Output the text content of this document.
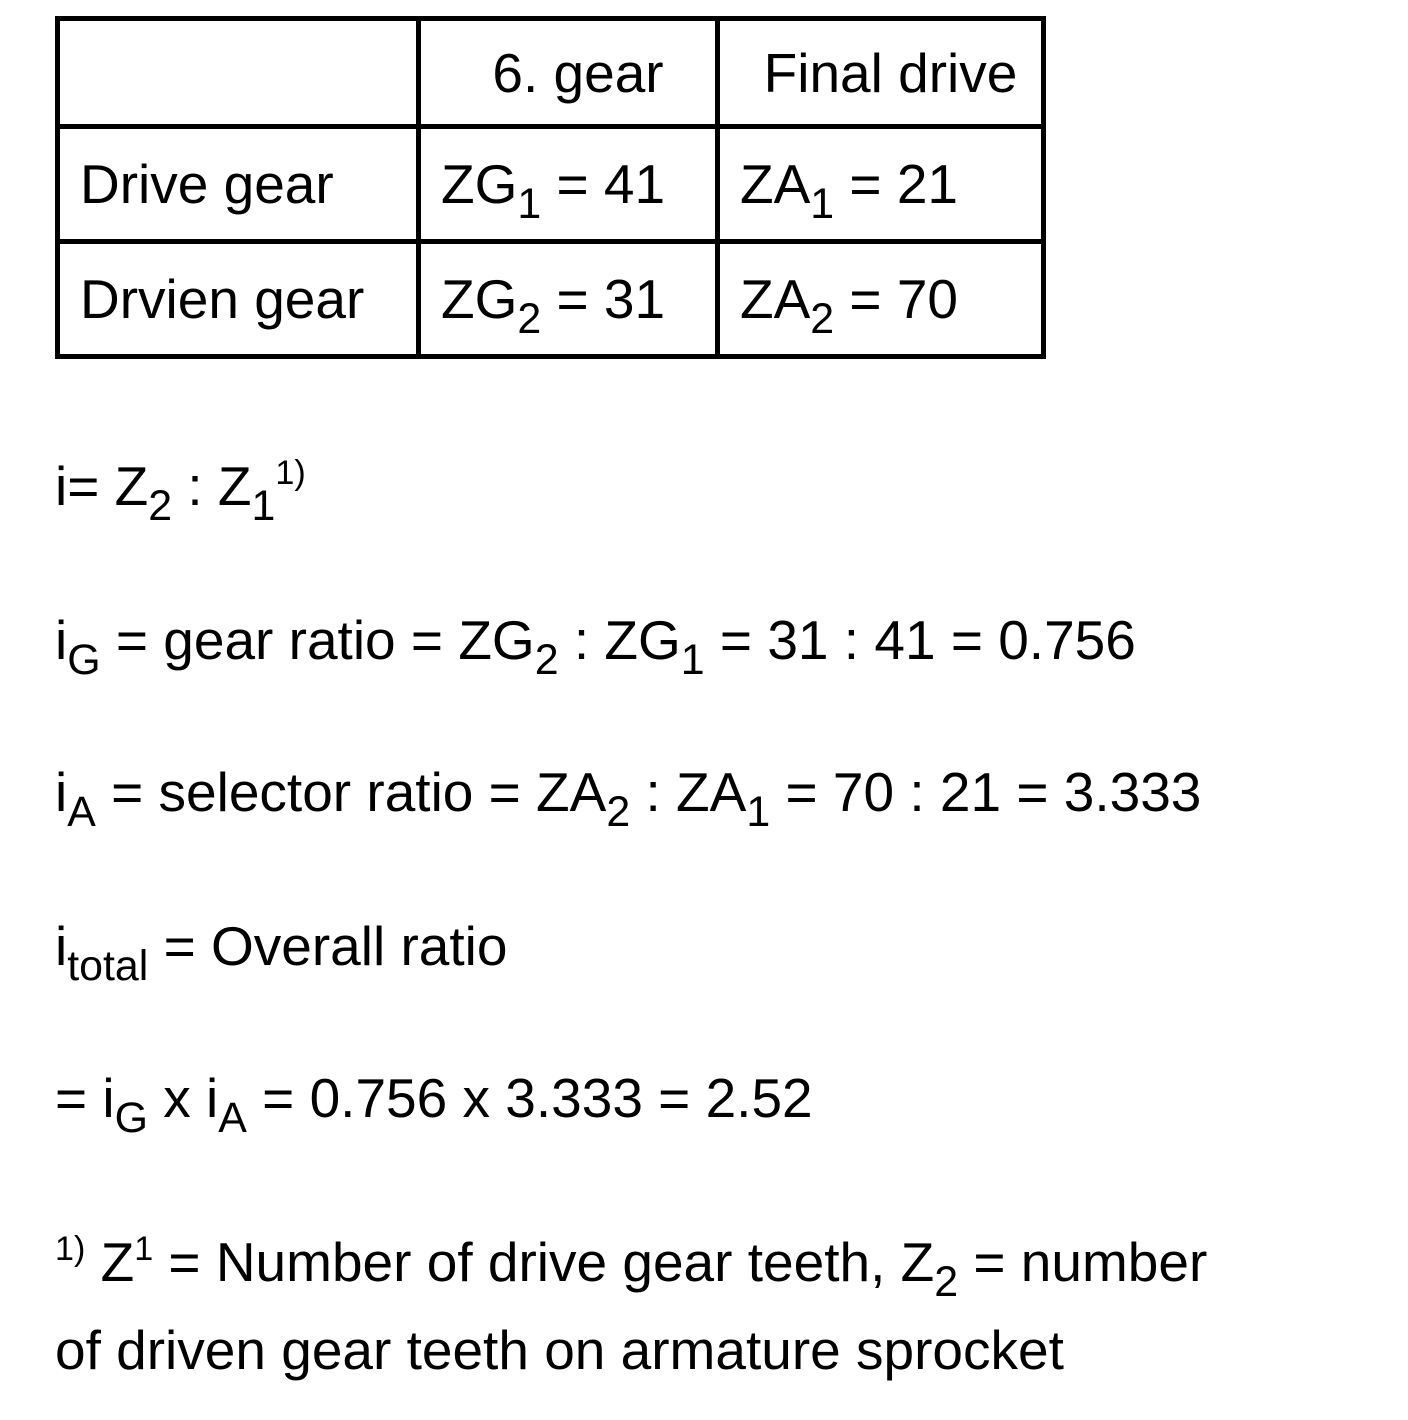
	6. gear	Final drive
Drive gear	$ZG_1 = 41$	$ZA_1 = 21$
Drvien gear	$ZG_2 = 31$	$ZA_2 = 70$
$i= Z_2$ : $Z_1^{1)}$
$i_G$ = gear ratio = $ZG_2$ : $ZG_1 = 31$ : 41 = 0.756
$i_A$ = selector ratio = $ZA_2$ : $ZA_1 = 70$ : 21 = 3.333
$i_{total}$ = Overall ratio
= $i_G$ x $i_A = 0.756$ x 3.333 = 2.52
$^{1)}$ $Z^1$ = Number of drive gear teeth, $Z_2$ = number
of driven gear teeth on armature sprocket
